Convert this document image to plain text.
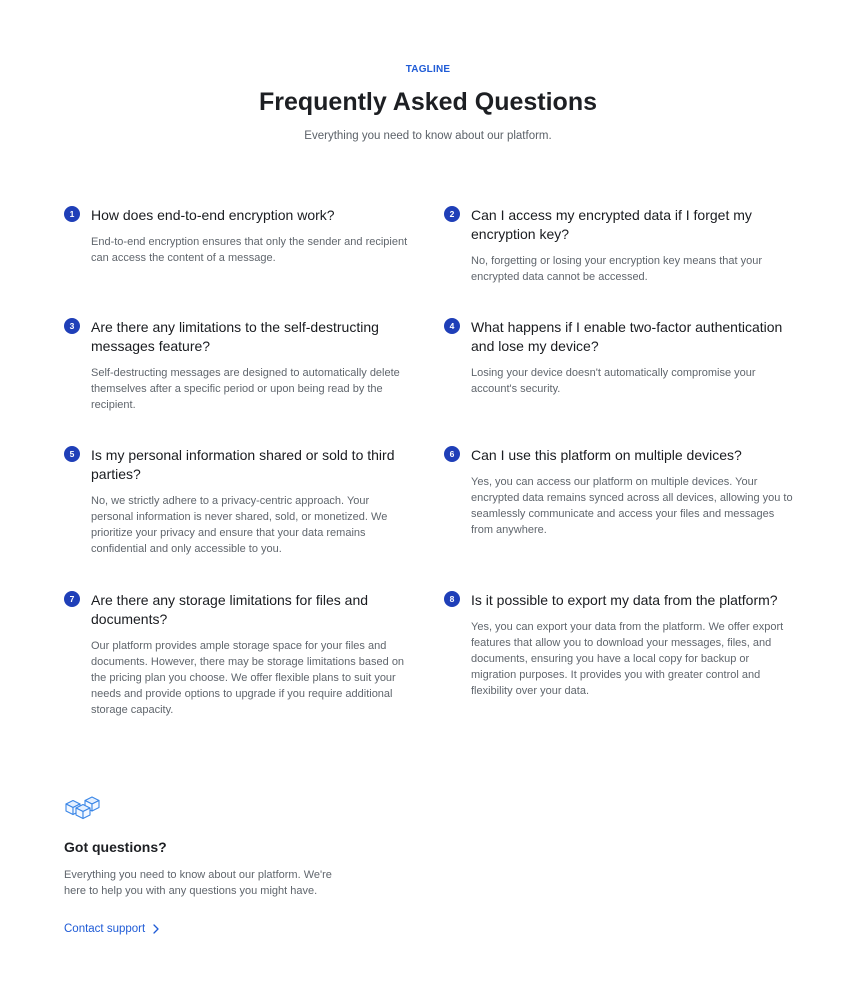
TAGLINE

Frequently Asked Questions

Everything you need to know about our platform.

1	How does end-to-end encryption work?

End-to-end encryption ensures that only the sender and recipient can access the content of a message.

2	Can I access my encrypted data if I forget my encryption key?

No, forgetting or losing your encryption key means that your encrypted data cannot be accessed.

3	Are there any limitations to the self-destructing messages feature?

Self-destructing messages are designed to automatically delete themselves after a specific period or upon being read by the recipient.

4	What happens if I enable two-factor authentication and lose my device?

Losing your device doesn't automatically compromise your account's security.

5	Is my personal information shared or sold to third parties?

No, we strictly adhere to a privacy-centric approach. Your personal information is never shared, sold, or monetized. We prioritize your privacy and ensure that your data remains confidential and only accessible to you.

6	Can I use this platform on multiple devices?

Yes, you can access our platform on multiple devices. Your encrypted data remains synced across all devices, allowing you to seamlessly communicate and access your files and messages from anywhere.

7	Are there any storage limitations for files and documents?

Our platform provides ample storage space for your files and documents. However, there may be storage limitations based on the pricing plan you choose. We offer flexible plans to suit your needs and provide options to upgrade if you require additional storage capacity.

8	Is it possible to export my data from the platform?

Yes, you can export your data from the platform. We offer export features that allow you to download your messages, files, and documents, ensuring you have a local copy for backup or migration purposes. It provides you with greater control and flexibility over your data.

Got questions?

Everything you need to know about our platform. We're here to help you with any questions you might have.

Contact support
